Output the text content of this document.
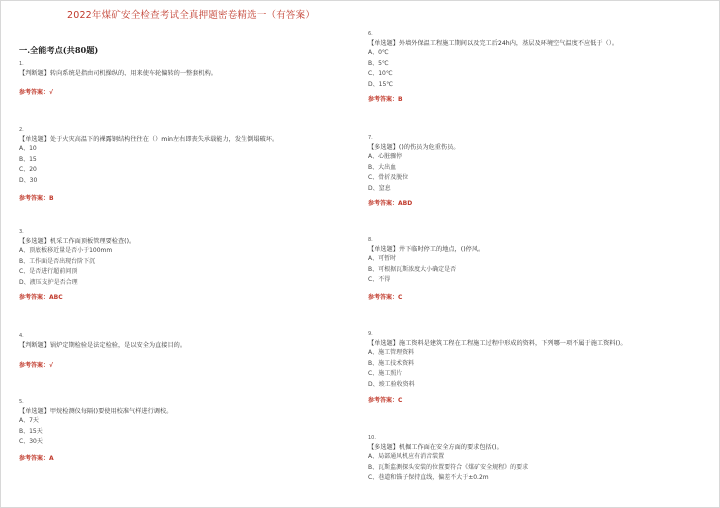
2022年煤矿安全检查考试全真押题密卷精选一（有答案）
一.全能考点(共80题)
1.
【判断题】转向系统是指由司机操纵的、用来使车轮偏转的一整套机构。
参考答案：√
2.
【单选题】处于火灾高温下的裸露钢结构往往在（）min左右即丧失承载能力，发生倒塌破坏。
A、10
B、15
C、20
D、30
参考答案：B
3.
【多选题】机采工作面顶板管理要检查()。
A、顶底板移近量是否小于100mm
B、工作面是否出现台阶下沉
C、是否进行超前问顶
D、液压支护是否合理
参考答案：ABC
4.
【判断题】锅炉定期检验是法定检验，是以安全为直接目的。
参考答案：√
5.
【单选题】甲烷检测仪每隔()要使用校准气样进行调校。
A、7天
B、15天
C、30天
参考答案：A
6.
【单选题】外墙外保温工程施工期间以及完工后24h内，基层及环境空气温度不应低于（）。
A、0℃
B、5℃
C、10℃
D、15℃
参考答案：B
7.
【多选题】()的伤员为危重伤员。
A、心脏骤停
B、大出血
C、骨折及脱位
D、窒息
参考答案：ABD
8.
【单选题】井下临时停工的地点，()停风。
A、可暂时
B、可根据瓦斯浓度大小确定是否
C、不得
参考答案：C
9.
【单选题】施工资料是建筑工程在工程施工过程中形成的资料，下列哪一项不属于施工资料()。
A、施工管理资料
B、施工技术资料
C、施工照片
D、竣工验收资料
参考答案：C
10.
【多选题】机掘工作面在安全方面的要求包括()。
A、局部通风机应有消音装置
B、瓦斯监测探头安装的位置要符合《煤矿安全规程》的要求
C、巷道和锚子保持直线，偏差不大于±0.2m
